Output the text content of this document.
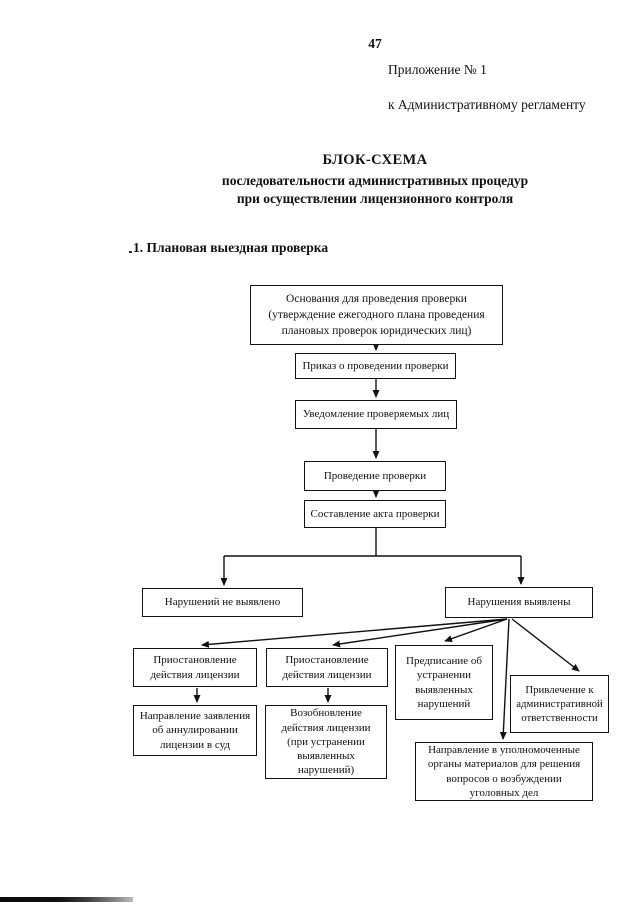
47
Приложение № 1
к Административному регламенту
БЛОК-СХЕМА
последовательности административных процедур
при осуществлении лицензионного контроля
1. Плановая выездная проверка
Основания для проведения проверки (утверждение ежегодного плана проведения плановых проверок юридических лиц)
Приказ о проведении проверки
Уведомление проверяемых лиц
Проведение проверки
Составление акта проверки
Нарушений не выявлено	Нарушения выявлены
Приостановление действия лицензии
Приостановление действия лицензии
Предписание об устранении выявленных нарушений
Привлечение к административной ответственности
Направление заявления об аннулировании лицензии в суд
Возобновление действия лицензии (при устранении выявленных нарушений)
Направление в уполномоченные органы материалов для решения вопросов о возбуждении уголовных дел
